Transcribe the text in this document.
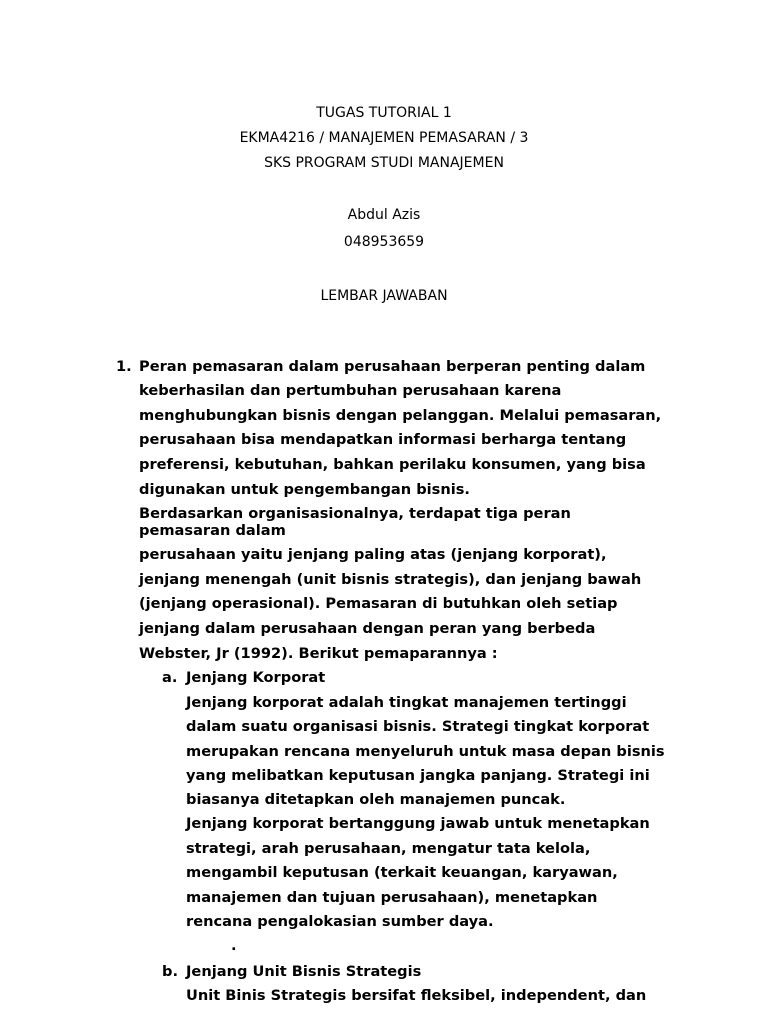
TUGAS TUTORIAL 1
EKMA4216 / MANAJEMEN PEMASARAN / 3
SKS PROGRAM STUDI MANAJEMEN
Abdul Azis
048953659
LEMBAR JAWABAN
1. Peran pemasaran dalam perusahaan berperan penting dalam
keberhasilan dan pertumbuhan perusahaan karena
menghubungkan bisnis dengan pelanggan. Melalui pemasaran,
perusahaan bisa mendapatkan informasi berharga tentang
preferensi, kebutuhan, bahkan perilaku konsumen, yang bisa
digunakan untuk pengembangan bisnis.
Berdasarkan organisasionalnya, terdapat tiga peran
pemasaran dalam
perusahaan yaitu jenjang paling atas (jenjang korporat),
jenjang menengah (unit bisnis strategis), dan jenjang bawah
(jenjang operasional). Pemasaran di butuhkan oleh setiap
jenjang dalam perusahaan dengan peran yang berbeda
Webster, Jr (1992). Berikut pemaparannya :
a. Jenjang Korporat
Jenjang korporat adalah tingkat manajemen tertinggi
dalam suatu organisasi bisnis. Strategi tingkat korporat
merupakan rencana menyeluruh untuk masa depan bisnis
yang melibatkan keputusan jangka panjang. Strategi ini
biasanya ditetapkan oleh manajemen puncak.
Jenjang korporat bertanggung jawab untuk menetapkan
strategi, arah perusahaan, mengatur tata kelola,
mengambil keputusan (terkait keuangan, karyawan,
manajemen dan tujuan perusahaan), menetapkan
rencana pengalokasian sumber daya.
.
b. Jenjang Unit Bisnis Strategis
Unit Binis Strategis bersifat fleksibel, independent, dan
